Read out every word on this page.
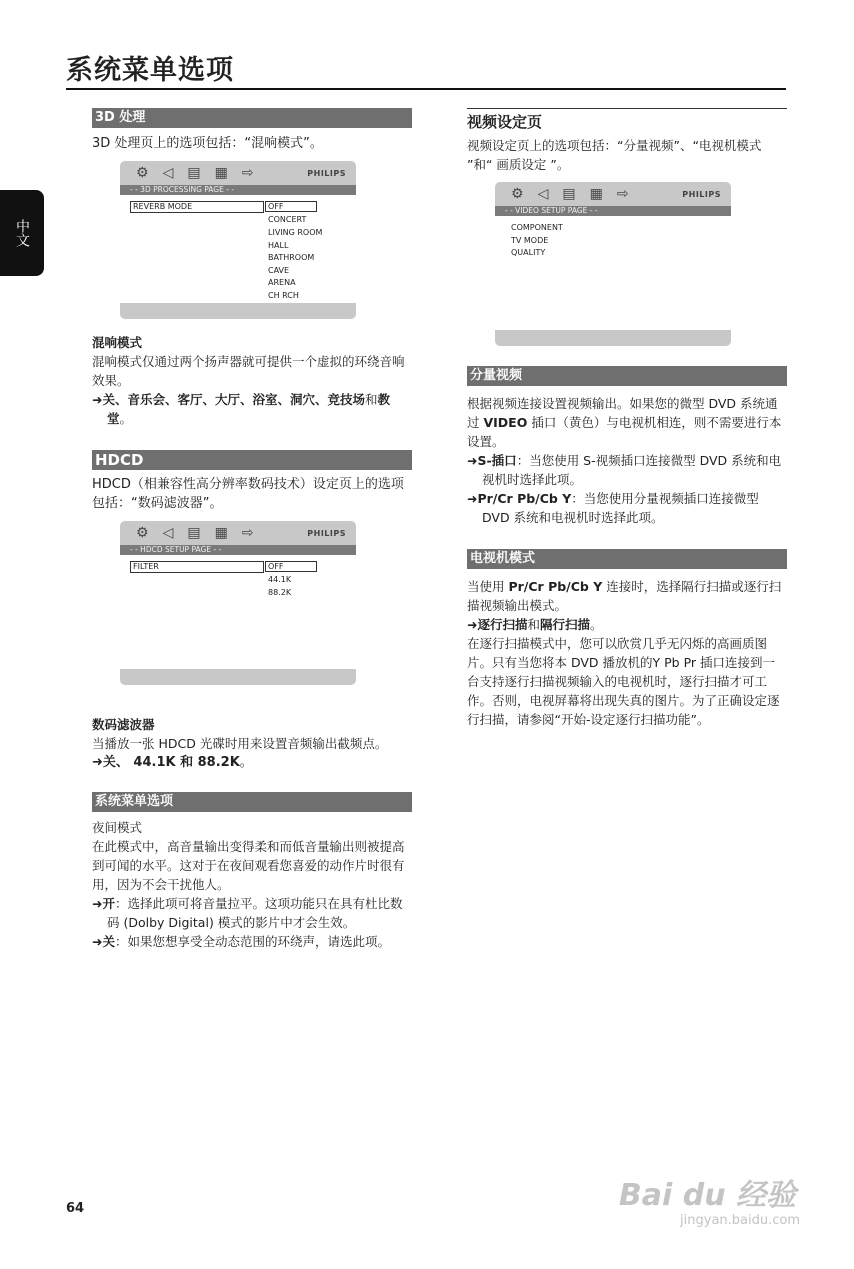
系统菜单选项
中文
3D 处理

3D 处理页上的选项包括：“混响模式”。

⚙ ◁ ▤ ▦ ⇨	PHILIPS
- - 3D PROCESSING PAGE - -
REVERB MODE	OFF
CONCERT
LIVING ROOM
HALL
BATHROOM
CAVE
ARENA
CH RCH
混响模式

混响模式仅通过两个扬声器就可提供一个虚拟的环绕音响效果。

➜关、音乐会、客厅、大厅、浴室、洞穴、竞技场和教堂。

HDCD

HDCD（相兼容性高分辨率数码技术）设定页上的选项包括：“数码滤波器”。

⚙ ◁ ▤ ▦ ⇨	PHILIPS
- - HDCD SETUP PAGE - -
FILTER	OFF
44.1K
88.2K
数码滤波器

当播放一张 HDCD 光碟时用来设置音频输出截频点。

➜关、 44.1K 和 88.2K。

系统菜单选项

夜间模式

在此模式中，高音量输出变得柔和而低音量输出则被提高到可闻的水平。这对于在夜间观看您喜爱的动作片时很有用，因为不会干扰他人。

➜开：选择此项可将音量拉平。这项功能只在具有杜比数码 (Dolby Digital) 模式的影片中才会生效。

➜关：如果您想享受全动态范围的环绕声，请选此项。

视频设定页

视频设定页上的选项包括：“分量视频”、“电视机模式 ”和“ 画质设定 ”。

⚙ ◁ ▤ ▦ ⇨	PHILIPS
- - VIDEO SETUP PAGE - -
COMPONENT
TV MODE
QUALITY
分量视频

根据视频连接设置视频输出。如果您的微型 DVD 系统通过 VIDEO 插口（黄色）与电视机相连，则不需要进行本设置。

➜S-插口：当您使用 S-视频插口连接微型 DVD 系统和电视机时选择此项。

➜Pr/Cr Pb/Cb Y：当您使用分量视频插口连接微型 DVD 系统和电视机时选择此项。

电视机模式

当使用 Pr/Cr Pb/Cb Y 连接时，选择隔行扫描或逐行扫描视频输出模式。

➜逐行扫描和隔行扫描。

在逐行扫描模式中，您可以欣赏几乎无闪烁的高画质图片。只有当您将本 DVD 播放机的Y Pb Pr 插口连接到一台支持逐行扫描视频输入的电视机时，逐行扫描才可工作。否则，电视屏幕将出现失真的图片。为了正确设定逐行扫描，请参阅“开始-设定逐行扫描功能”。

64	Bai du 经验
jingyan.baidu.com
